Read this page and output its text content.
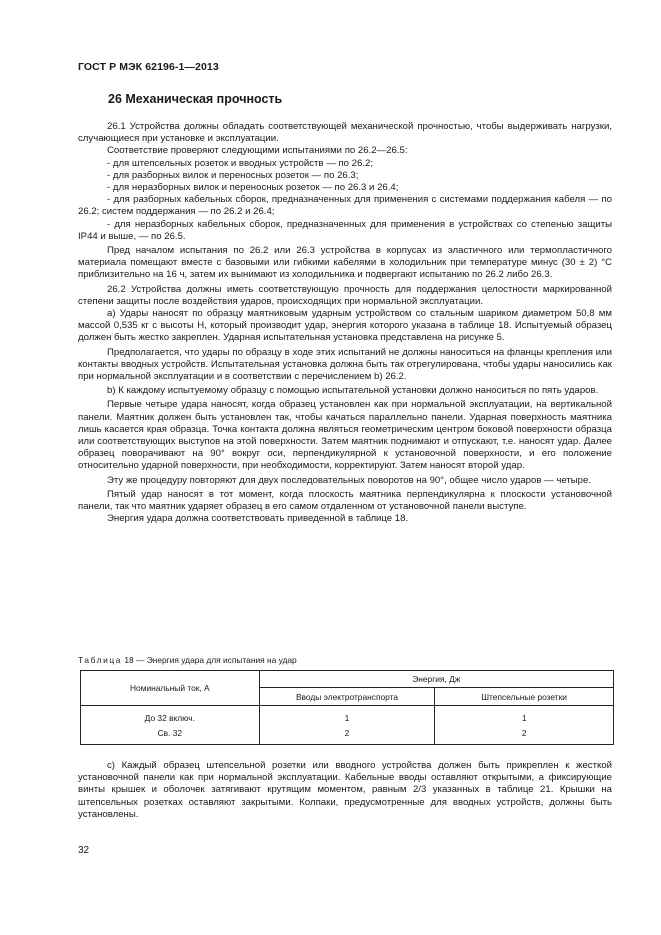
ГОСТ Р МЭК 62196-1—2013
26 Механическая прочность

26.1 Устройства должны обладать соответствующей механической прочностью, чтобы выдерживать нагрузки, случающиеся при установке и эксплуатации.

Соответствие проверяют следующими испытаниями по 26.2—26.5:

- для штепсельных розеток и вводных устройств — по 26.2;

- для разборных вилок и переносных розеток — по 26.3;

- для неразборных вилок и переносных розеток — по 26.3 и 26.4;

- для разборных кабельных сборок, предназначенных для применения с системами поддержания кабеля — по 26.2; систем поддержания — по 26.2 и 26.4;

- для неразборных кабельных сборок, предназначенных для применения в устройствах со степенью защиты IP44 и выше, — по 26.5.

Пред началом испытания по 26.2 или 26.3 устройства в корпусах из эластичного или термопластичного материала помещают вместе с базовыми или гибкими кабелями в холодильник при температуре минус (30 ± 2) °С приблизительно на 16 ч, затем их вынимают из холодильника и подвергают испытанию по 26.2 либо 26.3.

26.2 Устройства должны иметь соответствующую прочность для поддержания целостности маркированной степени защиты после воздействия ударов, происходящих при нормальной эксплуатации.

а) Удары наносят по образцу маятниковым ударным устройством со стальным шариком диаметром 50,8 мм массой 0,535 кг с высоты H, который производит удар, энергия которого указана в таблице 18. Испытуемый образец должен быть жестко закреплен. Ударная испытательная установка представлена на рисунке 5.

Предполагается, что удары по образцу в ходе этих испытаний не должны наноситься на фланцы крепления или контакты вводных устройств. Испытательная установка должна быть так отрегулирована, чтобы удары наносились как при нормальной эксплуатации и в соответствии с перечислением b) 26.2.

b) К каждому испытуемому образцу с помощью испытательной установки должно наноситься по пять ударов.

Первые четыре удара наносят, когда образец установлен как при нормальной эксплуатации, на вертикальной панели. Маятник должен быть установлен так, чтобы качаться параллельно панели. Ударная поверхность маятника лишь касается края образца. Точка контакта должна являться геометрическим центром боковой поверхности образца или соответствующих выступов на этой поверхности. Затем маятник поднимают и отпускают, т.е. наносят удар. Далее образец поворачивают на 90° вокруг оси, перпендикулярной к установочной поверхности, и его положение относительно ударной поверхности, при необходимости, корректируют. Затем наносят второй удар.

Эту же процедуру повторяют для двух последовательных поворотов на 90°, общее число ударов — четыре.

Пятый удар наносят в тот момент, когда плоскость маятника перпендикулярна к плоскости установочной панели, так что маятник ударяет образец в его самом отдаленном от установочной панели выступе.

Энергия удара должна соответствовать приведенной в таблице 18.

Таблица 18 — Энергия удара для испытания на удар
Номинальный ток, А	Энергия, Дж	
	Вводы электротранспорта	Штепсельные розетки
До 32 включ.	1	1
Св. 32	2	2

с) Каждый образец штепсельной розетки или вводного устройства должен быть прикреплен к жесткой установочной панели как при нормальной эксплуатации. Кабельные вводы оставляют открытыми, а фиксирующие винты крышек и оболочек затягивают крутящим моментом, равным 2/3 указанных в таблице 21. Крышки на штепсельных розетках оставляют закрытыми. Колпаки, предусмотренные для вводных устройств, должны быть установлены.

32
